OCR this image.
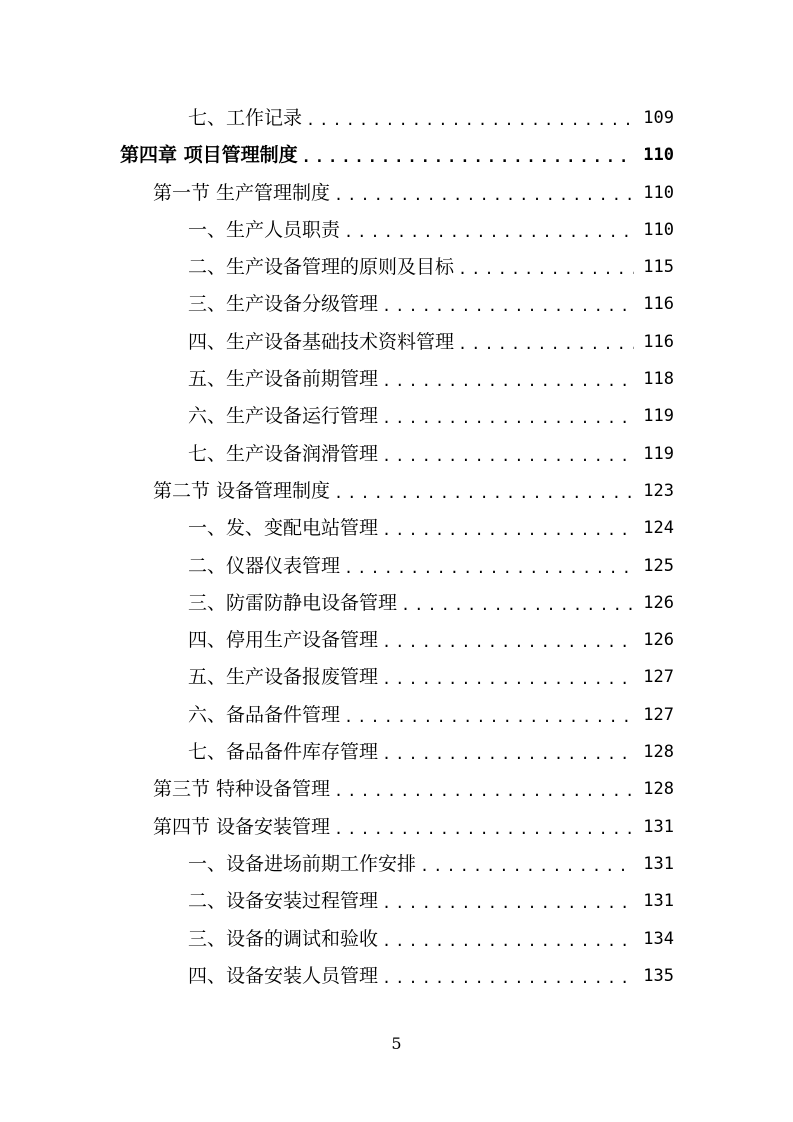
七、工作记录 .....	109
第四章 项目管理制度 .....	110
第一节 生产管理制度 .....	110
一、生产人员职责 .....	110
二、生产设备管理的原则及目标 .....	115
三、生产设备分级管理 .....	116
四、生产设备基础技术资料管理 .....	116
五、生产设备前期管理 .....	118
六、生产设备运行管理 .....	119
七、生产设备润滑管理 .....	119
第二节 设备管理制度 .....	123
一、发、变配电站管理 .....	124
二、仪器仪表管理 .....	125
三、防雷防静电设备管理 .....	126
四、停用生产设备管理 .....	126
五、生产设备报废管理 .....	127
六、备品备件管理 .....	127
七、备品备件库存管理 .....	128
第三节 特种设备管理 .....	128
第四节 设备安装管理 .....	131
一、设备进场前期工作安排 .....	131
二、设备安装过程管理 .....	131
三、设备的调试和验收 .....	134
四、设备安装人员管理 .....	135
5
